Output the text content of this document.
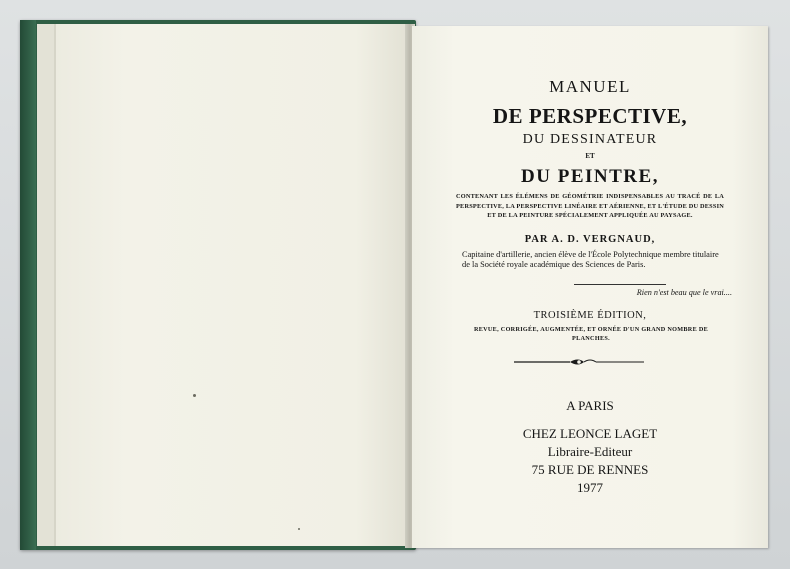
MANUEL

DE PERSPECTIVE,

DU DESSINATEUR

ET

DU PEINTRE,

CONTENANT LES ÉLÉMENS DE GÉOMÉTRIE INDISPENSABLES AU TRACÉ DE LA PERSPECTIVE, LA PERSPECTIVE LINÉAIRE ET AÉRIENNE, ET L'ÉTUDE DU DESSIN ET DE LA PEINTURE SPÉCIALEMENT APPLIQUÉE AU PAYSAGE.

PAR A. D. VERGNAUD,

Capitaine d'artillerie, ancien élève de l'École Polytechnique membre titulaire de la Société royale académique des Sciences de Paris.

Rien n'est beau que le vrai....

TROISIÈME ÉDITION,

REVUE, CORRIGÉE, AUGMENTÉE, ET ORNÉE D'UN GRAND NOMBRE DE PLANCHES.

A PARIS

CHEZ LEONCE LAGET

Libraire-Editeur

75 RUE DE RENNES

1977
